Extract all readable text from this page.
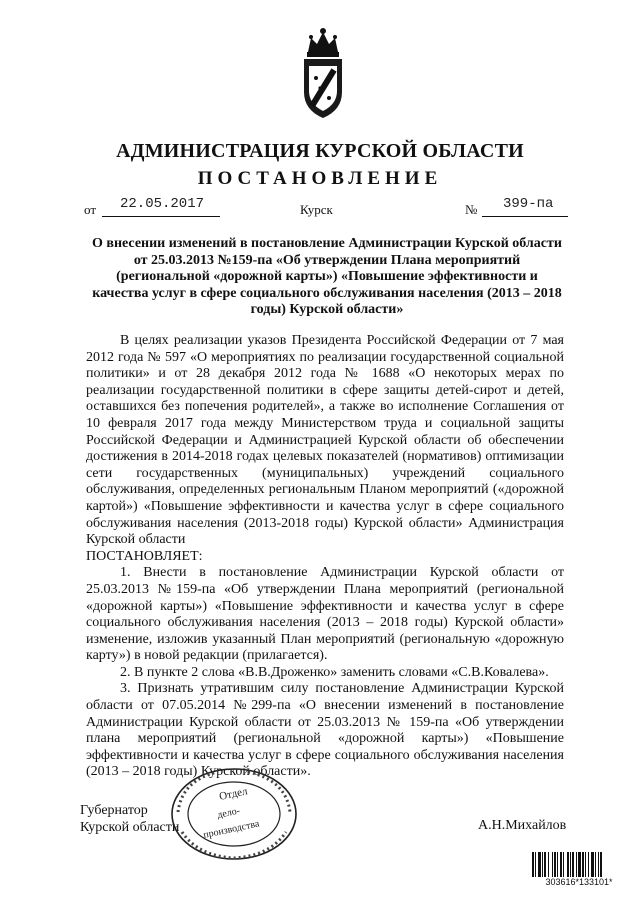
АДМИНИСТРАЦИЯ КУРСКОЙ ОБЛАСТИ
ПОСТАНОВЛЕНИЕ
от 22.05.2017	Курск	№ 399-па
О внесении изменений в постановление Администрации Курской области от 25.03.2013 №159-па «Об утверждении Плана мероприятий (региональной «дорожной карты») «Повышение эффективности и качества услуг в сфере социального обслуживания населения (2013 – 2018 годы) Курской области»

В целях реализации указов Президента Российской Федерации от 7 мая 2012 года № 597 «О мероприятиях по реализации государственной социальной политики» и от 28 декабря 2012 года № 1688 «О некоторых мерах по реализации государственной политики в сфере защиты детей-сирот и детей, оставшихся без попечения родителей», а также во исполнение Соглашения от 10 февраля 2017 года между Министерством труда и социальной защиты Российской Федерации и Администрацией Курской области об обеспечении достижения в 2014-2018 годах целевых показателей (нормативов) оптимизации сети государственных (муниципальных) учреждений социального обслуживания, определенных региональным Планом мероприятий («дорожной картой») «Повышение эффективности и качества услуг в сфере социального обслуживания населения (2013-2018 годы) Курской области» Администрация Курской области

ПОСТАНОВЛЯЕТ:

1. Внести в постановление Администрации Курской области от 25.03.2013 №159-па «Об утверждении Плана мероприятий (региональной «дорожной карты») «Повышение эффективности и качества услуг в сфере социального обслуживания населения (2013 – 2018 годы) Курской области» изменение, изложив указанный План мероприятий (региональную «дорожную карту») в новой редакции (прилагается).

2. В пункте 2 слова «В.В.Дроженко» заменить словами «С.В.Ковалева».

3. Признать утратившим силу постановление Администрации Курской области от 07.05.2014 №299-па «О внесении изменений в постановление Администрации Курской области от 25.03.2013 № 159-па «Об утверждении плана мероприятий (региональной «дорожной карты») «Повышение эффективности и качества услуг в сфере социального обслуживания населения (2013 – 2018 годы) Курской области».

Губернатор
Курской области	А.Н.Михайлов
Отдел
дело-
производства
303616*133101*
